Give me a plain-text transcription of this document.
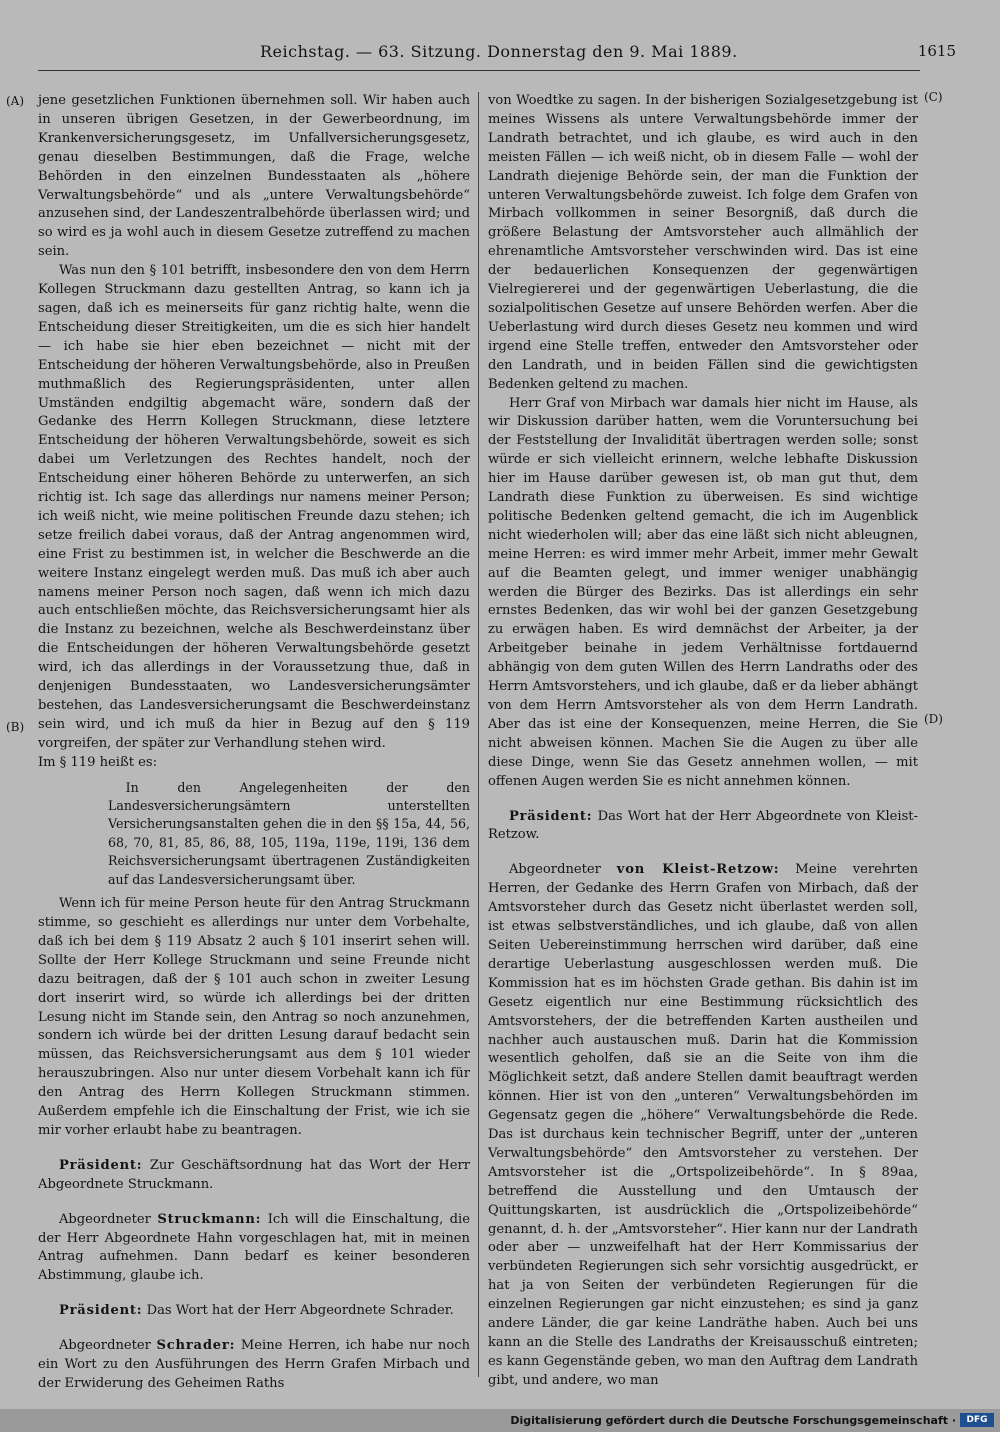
Reichstag. — 63. Sitzung. Donnerstag den 9. Mai 1889.	1615
(A)
(B)
(C)
(D)

jene gesetzlichen Funktionen übernehmen soll. Wir haben auch in unseren übrigen Gesetzen, in der Gewerbeordnung, im Krankenversicherungsgesetz, im Unfallversicherungsgesetz, genau dieselben Bestimmungen, daß die Frage, welche Behörden in den einzelnen Bundesstaaten als „höhere Verwaltungsbehörde“ und als „untere Verwaltungsbehörde“ anzusehen sind, der Landeszentralbehörde überlassen wird; und so wird es ja wohl auch in diesem Gesetze zutreffend zu machen sein.

Was nun den § 101 betrifft, insbesondere den von dem Herrn Kollegen Struckmann dazu gestellten Antrag, so kann ich ja sagen, daß ich es meinerseits für ganz richtig halte, wenn die Entscheidung dieser Streitigkeiten, um die es sich hier handelt — ich habe sie hier eben bezeichnet — nicht mit der Entscheidung der höheren Verwaltungsbehörde, also in Preußen muthmaßlich des Regierungspräsidenten, unter allen Umständen endgiltig abgemacht wäre, sondern daß der Gedanke des Herrn Kollegen Struckmann, diese letztere Entscheidung der höheren Verwaltungsbehörde, soweit es sich dabei um Verletzungen des Rechtes handelt, noch der Entscheidung einer höheren Behörde zu unterwerfen, an sich richtig ist. Ich sage das allerdings nur namens meiner Person; ich weiß nicht, wie meine politischen Freunde dazu stehen; ich setze freilich dabei voraus, daß der Antrag angenommen wird, eine Frist zu bestimmen ist, in welcher die Beschwerde an die weitere Instanz eingelegt werden muß. Das muß ich aber auch namens meiner Person noch sagen, daß wenn ich mich dazu auch entschließen möchte, das Reichsversicherungsamt hier als die Instanz zu bezeichnen, welche als Beschwerdeinstanz über die Entscheidungen der höheren Verwaltungsbehörde gesetzt wird, ich das allerdings in der Voraussetzung thue, daß in denjenigen Bundesstaaten, wo Landesversicherungsämter bestehen, das Landesversicherungsamt die Beschwerdeinstanz sein wird, und ich muß da hier in Bezug auf den § 119 vorgreifen, der später zur Verhandlung stehen wird.

Im § 119 heißt es:

In den Angelegenheiten der den Landesversicherungsämtern unterstellten Versicherungsanstalten gehen die in den §§ 15a, 44, 56, 68, 70, 81, 85, 86, 88, 105, 119a, 119e, 119i, 136 dem Reichsversicherungsamt übertragenen Zuständigkeiten auf das Landesversicherungsamt über.

Wenn ich für meine Person heute für den Antrag Struckmann stimme, so geschieht es allerdings nur unter dem Vorbehalte, daß ich bei dem § 119 Absatz 2 auch § 101 inserirt sehen will. Sollte der Herr Kollege Struckmann und seine Freunde nicht dazu beitragen, daß der § 101 auch schon in zweiter Lesung dort inserirt wird, so würde ich allerdings bei der dritten Lesung nicht im Stande sein, den Antrag so noch anzunehmen, sondern ich würde bei der dritten Lesung darauf bedacht sein müssen, das Reichsversicherungsamt aus dem § 101 wieder herauszubringen. Also nur unter diesem Vorbehalt kann ich für den Antrag des Herrn Kollegen Struckmann stimmen. Außerdem empfehle ich die Einschaltung der Frist, wie ich sie mir vorher erlaubt habe zu beantragen.

Präsident: Zur Geschäftsordnung hat das Wort der Herr Abgeordnete Struckmann.

Abgeordneter Struckmann: Ich will die Einschaltung, die der Herr Abgeordnete Hahn vorgeschlagen hat, mit in meinen Antrag aufnehmen. Dann bedarf es keiner besonderen Abstimmung, glaube ich.

Präsident: Das Wort hat der Herr Abgeordnete Schrader.

Abgeordneter Schrader: Meine Herren, ich habe nur noch ein Wort zu den Ausführungen des Herrn Grafen Mirbach und der Erwiderung des Geheimen Raths

von Woedtke zu sagen. In der bisherigen Sozialgesetzgebung ist meines Wissens als untere Verwaltungsbehörde immer der Landrath betrachtet, und ich glaube, es wird auch in den meisten Fällen — ich weiß nicht, ob in diesem Falle — wohl der Landrath diejenige Behörde sein, der man die Funktion der unteren Verwaltungsbehörde zuweist. Ich folge dem Grafen von Mirbach vollkommen in seiner Besorgniß, daß durch die größere Belastung der Amtsvorsteher auch allmählich der ehrenamtliche Amtsvorsteher verschwinden wird. Das ist eine der bedauerlichen Konsequenzen der gegenwärtigen Vielregiererei und der gegenwärtigen Ueberlastung, die die sozialpolitischen Gesetze auf unsere Behörden werfen. Aber die Ueberlastung wird durch dieses Gesetz neu kommen und wird irgend eine Stelle treffen, entweder den Amtsvorsteher oder den Landrath, und in beiden Fällen sind die gewichtigsten Bedenken geltend zu machen.

Herr Graf von Mirbach war damals hier nicht im Hause, als wir Diskussion darüber hatten, wem die Voruntersuchung bei der Feststellung der Invalidität übertragen werden solle; sonst würde er sich vielleicht erinnern, welche lebhafte Diskussion hier im Hause darüber gewesen ist, ob man gut thut, dem Landrath diese Funktion zu überweisen. Es sind wichtige politische Bedenken geltend gemacht, die ich im Augenblick nicht wiederholen will; aber das eine läßt sich nicht ableugnen, meine Herren: es wird immer mehr Arbeit, immer mehr Gewalt auf die Beamten gelegt, und immer weniger unabhängig werden die Bürger des Bezirks. Das ist allerdings ein sehr ernstes Bedenken, das wir wohl bei der ganzen Gesetzgebung zu erwägen haben. Es wird demnächst der Arbeiter, ja der Arbeitgeber beinahe in jedem Verhältnisse fortdauernd abhängig von dem guten Willen des Herrn Landraths oder des Herrn Amtsvorstehers, und ich glaube, daß er da lieber abhängt von dem Herrn Amtsvorsteher als von dem Herrn Landrath. Aber das ist eine der Konsequenzen, meine Herren, die Sie nicht abweisen können. Machen Sie die Augen zu über alle diese Dinge, wenn Sie das Gesetz annehmen wollen, — mit offenen Augen werden Sie es nicht annehmen können.

Präsident: Das Wort hat der Herr Abgeordnete von Kleist-Retzow.

Abgeordneter von Kleist-Retzow: Meine verehrten Herren, der Gedanke des Herrn Grafen von Mirbach, daß der Amtsvorsteher durch das Gesetz nicht überlastet werden soll, ist etwas selbstverständliches, und ich glaube, daß von allen Seiten Uebereinstimmung herrschen wird darüber, daß eine derartige Ueberlastung ausgeschlossen werden muß. Die Kommission hat es im höchsten Grade gethan. Bis dahin ist im Gesetz eigentlich nur eine Bestimmung rücksichtlich des Amtsvorstehers, der die betreffenden Karten austheilen und nachher auch austauschen muß. Darin hat die Kommission wesentlich geholfen, daß sie an die Seite von ihm die Möglichkeit setzt, daß andere Stellen damit beauftragt werden können. Hier ist von den „unteren“ Verwaltungsbehörden im Gegensatz gegen die „höhere“ Verwaltungsbehörde die Rede. Das ist durchaus kein technischer Begriff, unter der „unteren Verwaltungsbehörde“ den Amtsvorsteher zu verstehen. Der Amtsvorsteher ist die „Ortspolizeibehörde“. In § 89aa, betreffend die Ausstellung und den Umtausch der Quittungskarten, ist ausdrücklich die „Ortspolizeibehörde“ genannt, d. h. der „Amtsvorsteher“. Hier kann nur der Landrath oder aber — unzweifelhaft hat der Herr Kommissarius der verbündeten Regierungen sich sehr vorsichtig ausgedrückt, er hat ja von Seiten der verbündeten Regierungen für die einzelnen Regierungen gar nicht einzustehen; es sind ja ganz andere Länder, die gar keine Landräthe haben. Auch bei uns kann an die Stelle des Landraths der Kreisausschuß eintreten; es kann Gegenstände geben, wo man den Auftrag dem Landrath gibt, und andere, wo man

Digitalisierung gefördert durch die Deutsche Forschungsgemeinschaft ·	DFG
